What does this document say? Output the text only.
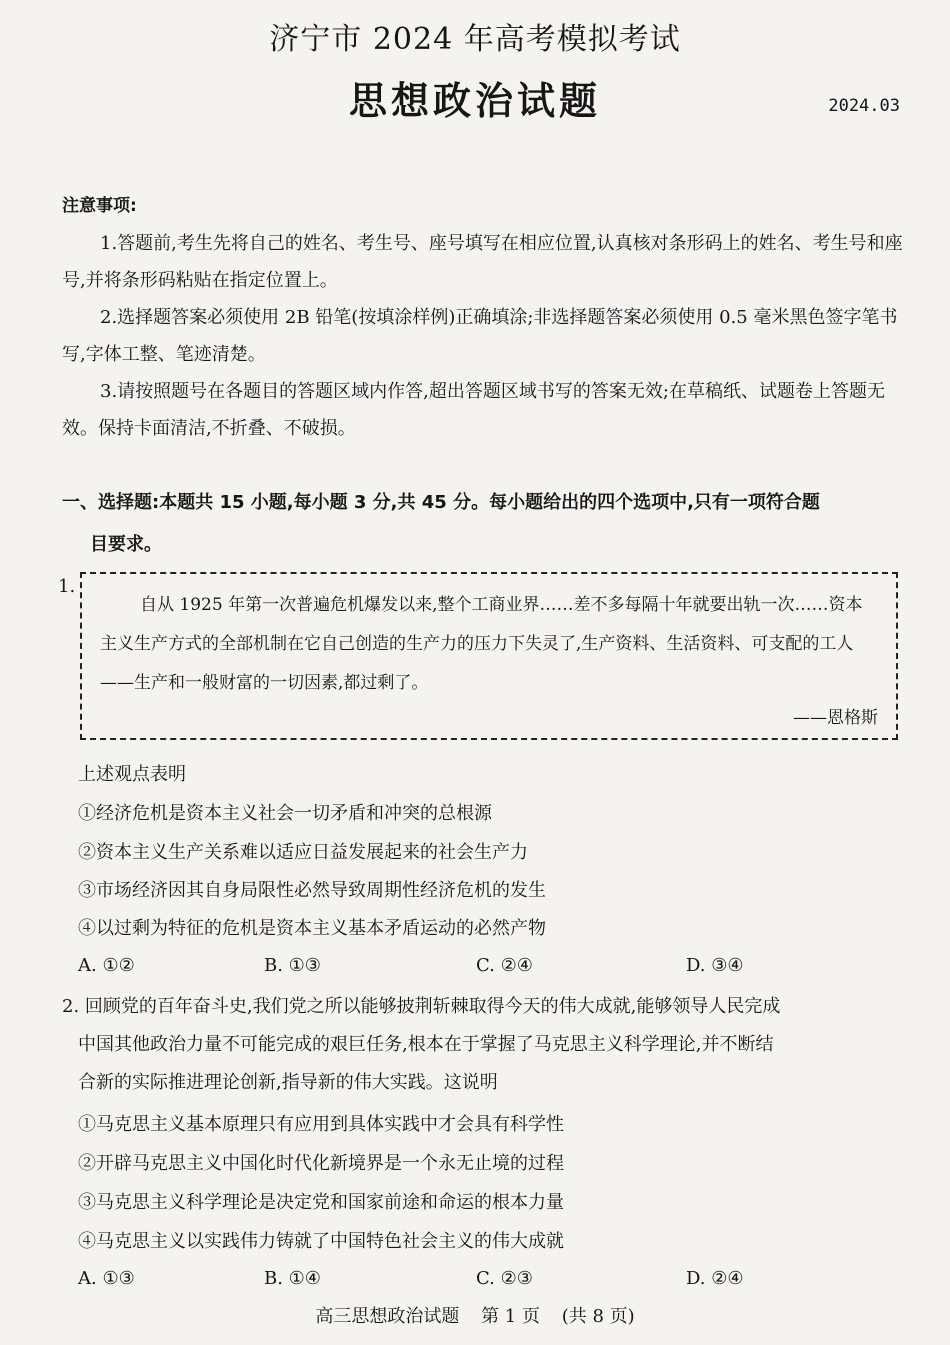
济宁市 2024 年高考模拟考试
思想政治试题	2024.03
注意事项:

1.答题前,考生先将自己的姓名、考生号、座号填写在相应位置,认真核对条形码上的姓名、考生号和座号,并将条形码粘贴在指定位置上。

2.选择题答案必须使用 2B 铅笔(按填涂样例)正确填涂;非选择题答案必须使用 0.5 毫米黑色签字笔书写,字体工整、笔迹清楚。

3.请按照题号在各题目的答题区域内作答,超出答题区域书写的答案无效;在草稿纸、试题卷上答题无效。保持卡面清洁,不折叠、不破损。

一、选择题:本题共 15 小题,每小题 3 分,共 45 分。每小题给出的四个选项中,只有一项符合题
目要求。
1.

自从 1925 年第一次普遍危机爆发以来,整个工商业界……差不多每隔十年就要出轨一次……资本主义生产方式的全部机制在它自己创造的生产力的压力下失灵了,生产资料、生活资料、可支配的工人——生产和一般财富的一切因素,都过剩了。

——恩格斯

上述观点表明
①经济危机是资本主义社会一切矛盾和冲突的总根源
②资本主义生产关系难以适应日益发展起来的社会生产力
③市场经济因其自身局限性必然导致周期性经济危机的发生
④以过剩为特征的危机是资本主义基本矛盾运动的必然产物
A. ①②	B. ①③	C. ②④	D. ③④
2. 回顾党的百年奋斗史,我们党之所以能够披荆斩棘取得今天的伟大成就,能够领导人民完成
中国其他政治力量不可能完成的艰巨任务,根本在于掌握了马克思主义科学理论,并不断结
合新的实际推进理论创新,指导新的伟大实践。这说明
①马克思主义基本原理只有应用到具体实践中才会具有科学性
②开辟马克思主义中国化时代化新境界是一个永无止境的过程
③马克思主义科学理论是决定党和国家前途和命运的根本力量
④马克思主义以实践伟力铸就了中国特色社会主义的伟大成就
A. ①③	B. ①④	C. ②③	D. ②④
高三思想政治试题 第 1 页 (共 8 页)
